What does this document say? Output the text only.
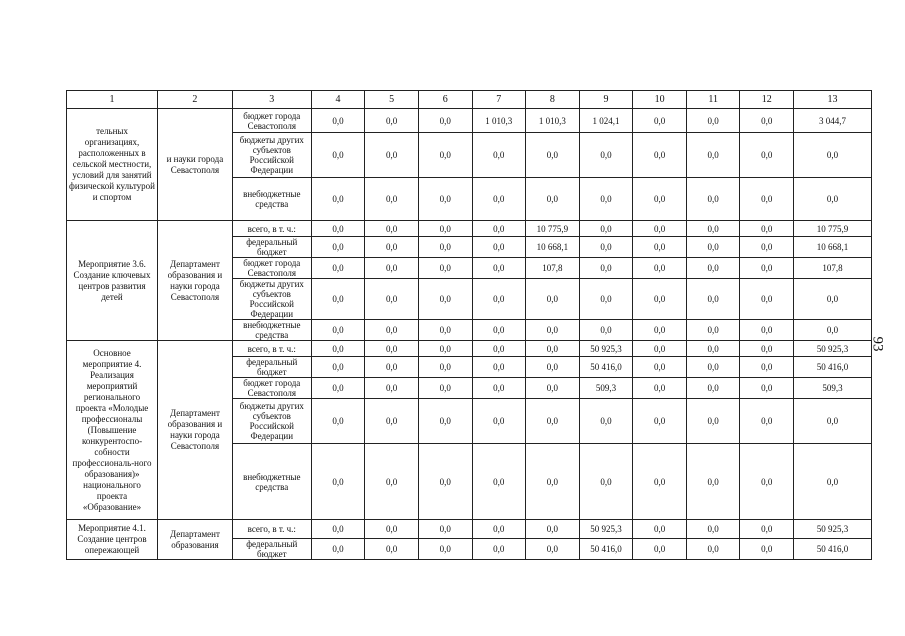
1	2	3	4	5	6	7	8	9	10	11	12	13
тельных организациях, расположенных в сельской местности, условий для занятий физической культурой и спортом	и науки города Севастополя	бюджет города Севастополя	0,0	0,0	0,0	1 010,3	1 010,3	1 024,1	0,0	0,0	0,0	3 044,7
		бюджеты других субъектов Российской Федерации	0,0	0,0	0,0	0,0	0,0	0,0	0,0	0,0	0,0	0,0
		внебюджетные средства	0,0	0,0	0,0	0,0	0,0	0,0	0,0	0,0	0,0	0,0
Мероприятие 3.6. Создание ключевых центров развития детей	Департамент образования и науки города Севастополя	всего, в т. ч.:	0,0	0,0	0,0	0,0	10 775,9	0,0	0,0	0,0	0,0	10 775,9
		федеральный бюджет	0,0	0,0	0,0	0,0	10 668,1	0,0	0,0	0,0	0,0	10 668,1
		бюджет города Севастополя	0,0	0,0	0,0	0,0	107,8	0,0	0,0	0,0	0,0	107,8
		бюджеты других субъектов Российской Федерации	0,0	0,0	0,0	0,0	0,0	0,0	0,0	0,0	0,0	0,0
		внебюджетные средства	0,0	0,0	0,0	0,0	0,0	0,0	0,0	0,0	0,0	0,0
Основное мероприятие 4. Реализация мероприятий регионального проекта «Молодые профессионалы (Повышение конкурентоспо-собности профессиональ-ного образования)» национального проекта «Образование»	Департамент образования и науки города Севастополя	всего, в т. ч.:	0,0	0,0	0,0	0,0	0,0	50 925,3	0,0	0,0	0,0	50 925,3
		федеральный бюджет	0,0	0,0	0,0	0,0	0,0	50 416,0	0,0	0,0	0,0	50 416,0
		бюджет города Севастополя	0,0	0,0	0,0	0,0	0,0	509,3	0,0	0,0	0,0	509,3
		бюджеты других субъектов Российской Федерации	0,0	0,0	0,0	0,0	0,0	0,0	0,0	0,0	0,0	0,0
		внебюджетные средства	0,0	0,0	0,0	0,0	0,0	0,0	0,0	0,0	0,0	0,0
Мероприятие 4.1. Создание центров опережающей	Департамент образования	всего, в т. ч.:	0,0	0,0	0,0	0,0	0,0	50 925,3	0,0	0,0	0,0	50 925,3
		федеральный бюджет	0,0	0,0	0,0	0,0	0,0	50 416,0	0,0	0,0	0,0	50 416,0
93
